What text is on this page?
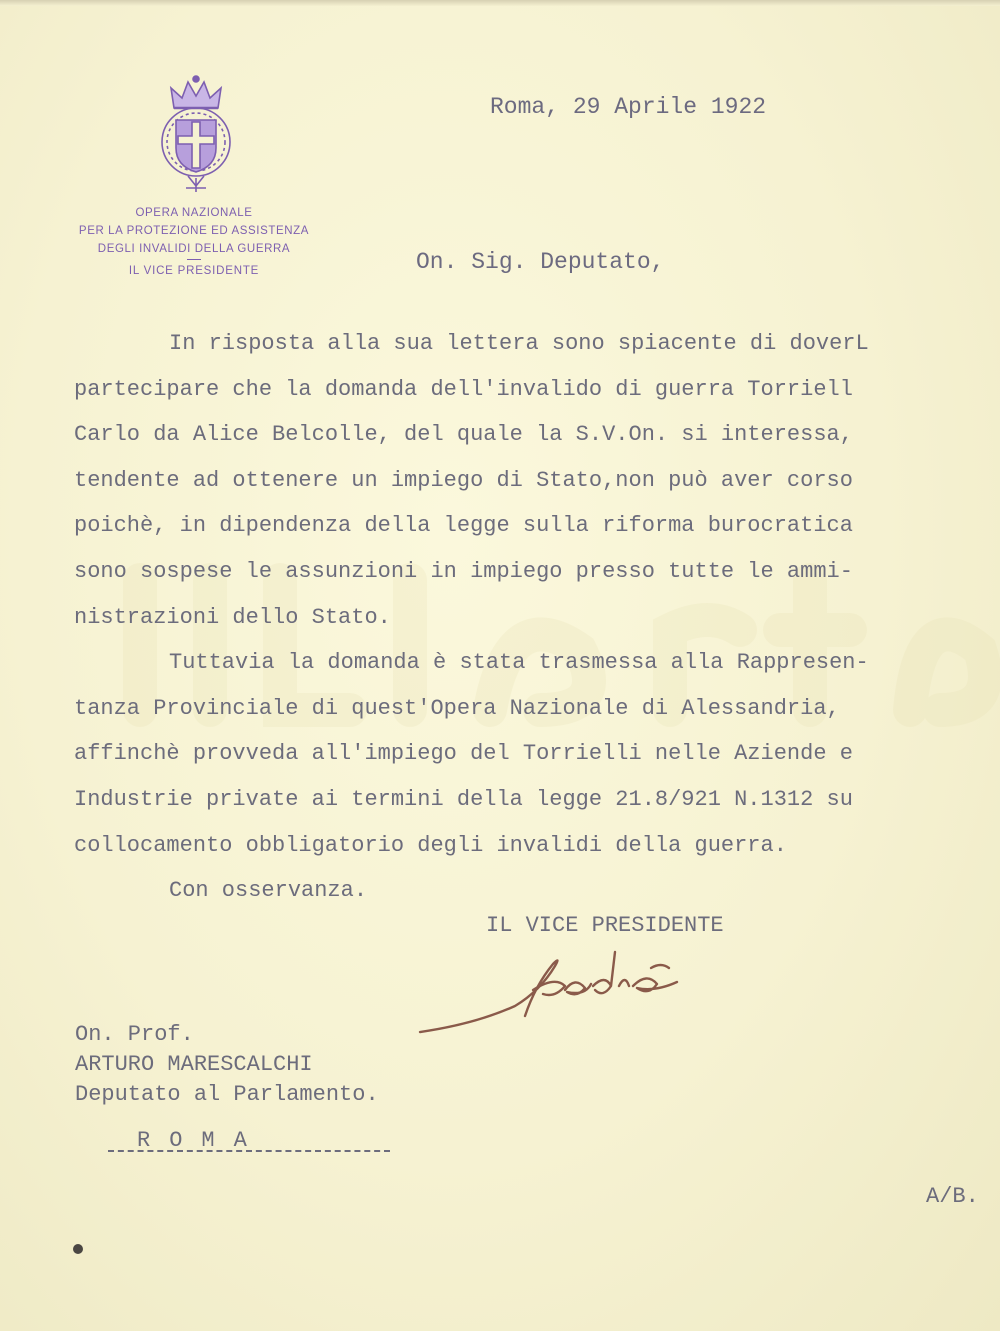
OPERA NAZIONALE
PER LA PROTEZIONE ED ASSISTENZA
DEGLI INVALIDI DELLA GUERRA
IL VICE PRESIDENTE
Roma, 29 Aprile 1922
On. Sig. Deputato,
In risposta alla sua lettera sono spiacente di doverL
partecipare che la domanda dell'invalido di guerra Torriell
Carlo da Alice Belcolle, del quale la S.V.On. si interessa,
tendente ad ottenere un impiego di Stato,non può aver corso
poichè, in dipendenza della legge sulla riforma burocratica
sono sospese le assunzioni in impiego presso tutte le ammi-
nistrazioni dello Stato.
Tuttavia la domanda è stata trasmessa alla Rappresen-
tanza Provinciale di quest'Opera Nazionale di Alessandria,
affinchè provveda all'impiego del Torrielli nelle Aziende e
Industrie private ai termini della legge 21.8/921 N.1312 su
collocamento obbligatorio degli invalidi della guerra.
Con osservanza.
IL VICE PRESIDENTE
On. Prof.
ARTURO MARESCALCHI
Deputato al Parlamento.
ROMA
A/B.
